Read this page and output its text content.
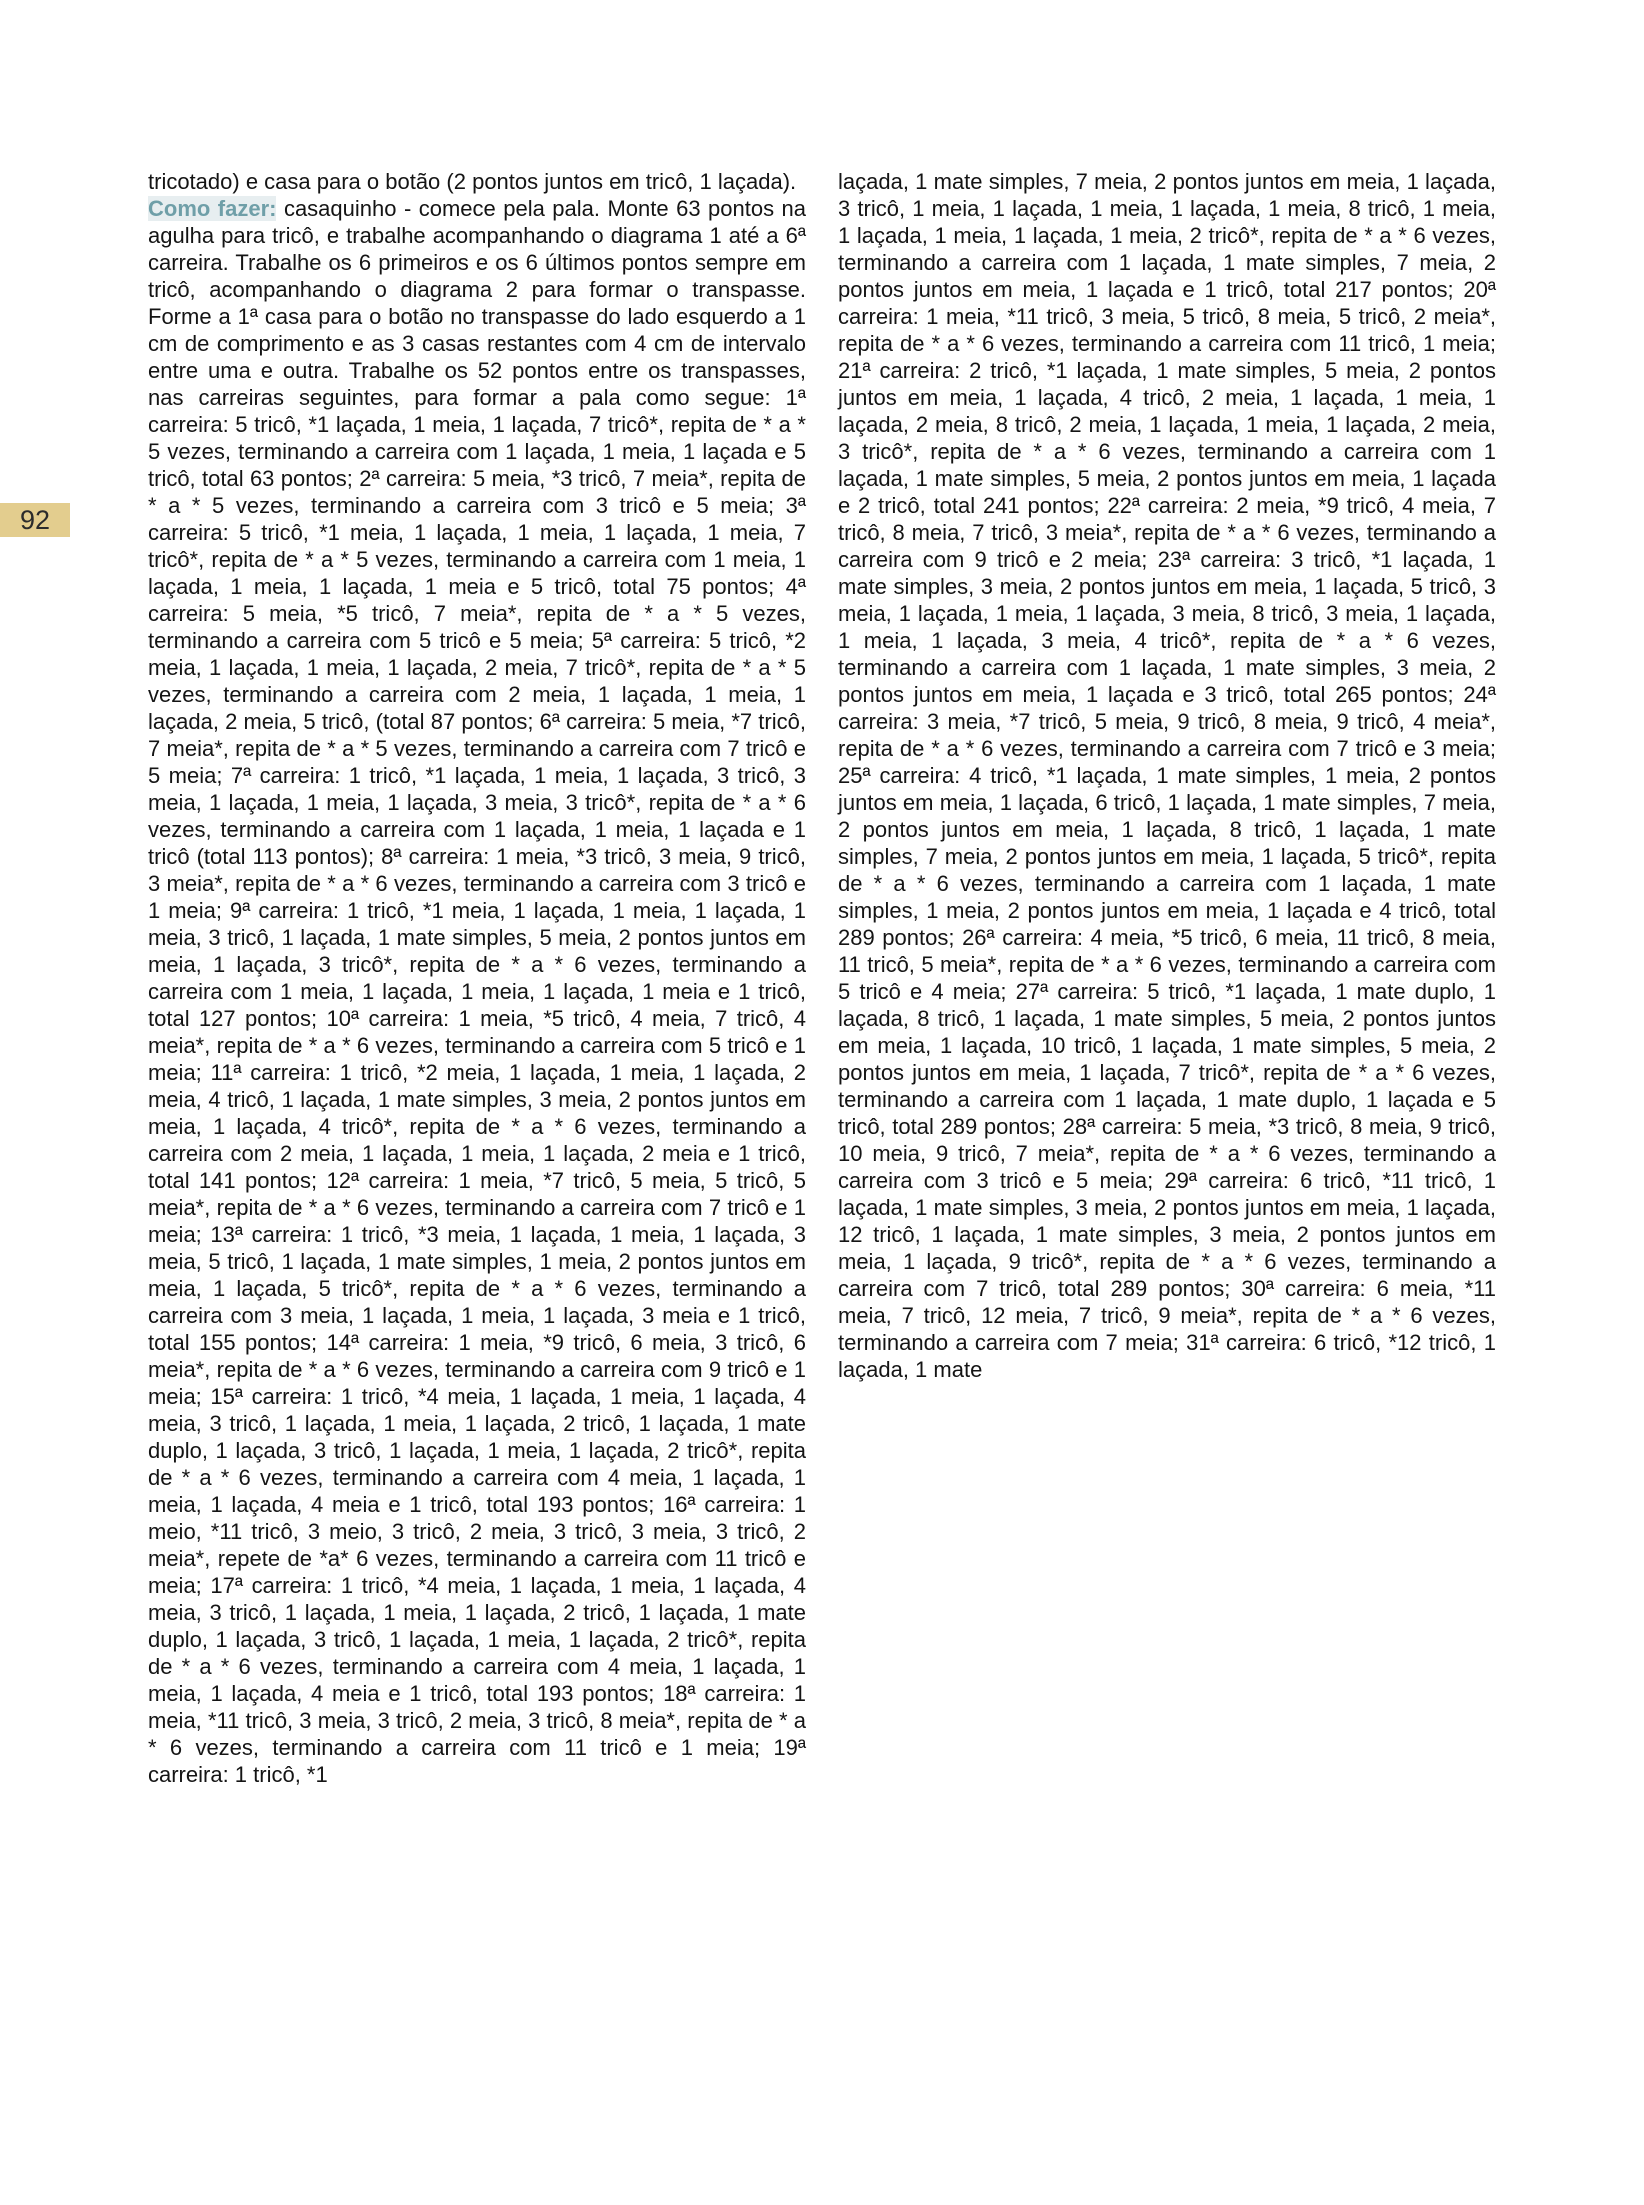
92

tricotado) e casa para o botão (2 pontos juntos em tricô, 1 laçada).

Como fazer: casaquinho - comece pela pala. Monte 63 pontos na agulha para tricô, e trabalhe acompanhando o diagrama 1 até a 6ª carreira. Trabalhe os 6 primeiros e os 6 últimos pontos sempre em tricô, acompanhando o diagrama 2 para formar o transpasse. Forme a 1ª casa para o botão no transpasse do lado esquerdo a 1 cm de comprimento e as 3 casas restantes com 4 cm de intervalo entre uma e outra. Trabalhe os 52 pontos entre os transpasses, nas carreiras seguintes, para formar a pala como segue: 1ª carreira: 5 tricô, *1 laçada, 1 meia, 1 laçada, 7 tricô*, repita de * a * 5 vezes, terminando a carreira com 1 laçada, 1 meia, 1 laçada e 5 tricô, total 63 pontos; 2ª carreira: 5 meia, *3 tricô, 7 meia*, repita de * a * 5 vezes, terminando a carreira com 3 tricô e 5 meia; 3ª carreira: 5 tricô, *1 meia, 1 laçada, 1 meia, 1 laçada, 1 meia, 7 tricô*, repita de * a * 5 vezes, terminando a carreira com 1 meia, 1 laçada, 1 meia, 1 laçada, 1 meia e 5 tricô, total 75 pontos; 4ª carreira: 5 meia, *5 tricô, 7 meia*, repita de * a * 5 vezes, terminando a carreira com 5 tricô e 5 meia; 5ª carreira: 5 tricô, *2 meia, 1 laçada, 1 meia, 1 laçada, 2 meia, 7 tricô*, repita de * a * 5 vezes, terminando a carreira com 2 meia, 1 laçada, 1 meia, 1 laçada, 2 meia, 5 tricô, (total 87 pontos; 6ª carreira: 5 meia, *7 tricô, 7 meia*, repita de * a * 5 vezes, terminando a carreira com 7 tricô e 5 meia; 7ª carreira: 1 tricô, *1 laçada, 1 meia, 1 laçada, 3 tricô, 3 meia, 1 laçada, 1 meia, 1 laçada, 3 meia, 3 tricô*, repita de * a * 6 vezes, terminando a carreira com 1 laçada, 1 meia, 1 laçada e 1 tricô (total 113 pontos); 8ª carreira: 1 meia, *3 tricô, 3 meia, 9 tricô, 3 meia*, repita de * a * 6 vezes, terminando a carreira com 3 tricô e 1 meia; 9ª carreira: 1 tricô, *1 meia, 1 laçada, 1 meia, 1 laçada, 1 meia, 3 tricô, 1 laçada, 1 mate simples, 5 meia, 2 pontos juntos em meia, 1 laçada, 3 tricô*, repita de * a * 6 vezes, terminando a carreira com 1 meia, 1 laçada, 1 meia, 1 laçada, 1 meia e 1 tricô, total 127 pontos; 10ª carreira: 1 meia, *5 tricô, 4 meia, 7 tricô, 4 meia*, repita de * a * 6 vezes, terminando a carreira com 5 tricô e 1 meia; 11ª carreira: 1 tricô, *2 meia, 1 laçada, 1 meia, 1 laçada, 2 meia, 4 tricô, 1 laçada, 1 mate simples, 3 meia, 2 pontos juntos em meia, 1 laçada, 4 tricô*, repita de * a * 6 vezes, terminando a carreira com 2 meia, 1 laçada, 1 meia, 1 laçada, 2 meia e 1 tricô, total 141 pontos; 12ª carreira: 1 meia, *7 tricô, 5 meia, 5 tricô, 5 meia*, repita de * a * 6 vezes, terminando a carreira com 7 tricô e 1 meia; 13ª carreira: 1 tricô, *3 meia, 1 laçada, 1 meia, 1 laçada, 3 meia, 5 tricô, 1 laçada, 1 mate simples, 1 meia, 2 pontos juntos em meia, 1 laçada, 5 tricô*, repita de * a * 6 vezes, terminando a carreira com 3 meia, 1 laçada, 1 meia, 1 laçada, 3 meia e 1 tricô, total 155 pontos; 14ª carreira: 1 meia, *9 tricô, 6 meia, 3 tricô, 6 meia*, repita de * a * 6 vezes, terminando a carreira com 9 tricô e 1 meia; 15ª carreira: 1 tricô, *4 meia, 1 laçada, 1 meia, 1 laçada, 4 meia, 3 tricô, 1 laçada, 1 meia, 1 laçada, 2 tricô, 1 laçada, 1 mate duplo, 1 laçada, 3 tricô, 1 laçada, 1 meia, 1 laçada, 2 tricô*, repita de * a * 6 vezes, terminando a carreira com 4 meia, 1 laçada, 1 meia, 1 laçada, 4 meia e 1 tricô, total 193 pontos; 16ª carreira: 1 meio, *11 tricô, 3 meio, 3 tricô, 2 meia, 3 tricô, 3 meia, 3 tricô, 2 meia*, repete de *a* 6 vezes, terminando a carreira com 11 tricô e meia; 17ª carreira: 1 tricô, *4 meia, 1 laçada, 1 meia, 1 laçada, 4 meia, 3 tricô, 1 laçada, 1 meia, 1 laçada, 2 tricô, 1 laçada, 1 mate duplo, 1 laçada, 3 tricô, 1 laçada, 1 meia, 1 laçada, 2 tricô*, repita de * a * 6 vezes, terminando a carreira com 4 meia, 1 laçada, 1 meia, 1 laçada, 4 meia e 1 tricô, total 193 pontos; 18ª carreira: 1 meia, *11 tricô, 3 meia, 3 tricô, 2 meia, 3 tricô, 8 meia*, repita de * a * 6 vezes, terminando a carreira com 11 tricô e 1 meia; 19ª carreira: 1 tricô, *1

laçada, 1 mate simples, 7 meia, 2 pontos juntos em meia, 1 laçada, 3 tricô, 1 meia, 1 laçada, 1 meia, 1 laçada, 1 meia, 8 tricô, 1 meia, 1 laçada, 1 meia, 1 laçada, 1 meia, 2 tricô*, repita de * a * 6 vezes, terminando a carreira com 1 laçada, 1 mate simples, 7 meia, 2 pontos juntos em meia, 1 laçada e 1 tricô, total 217 pontos; 20ª carreira: 1 meia, *11 tricô, 3 meia, 5 tricô, 8 meia, 5 tricô, 2 meia*, repita de * a * 6 vezes, terminando a carreira com 11 tricô, 1 meia; 21ª carreira: 2 tricô, *1 laçada, 1 mate simples, 5 meia, 2 pontos juntos em meia, 1 laçada, 4 tricô, 2 meia, 1 laçada, 1 meia, 1 laçada, 2 meia, 8 tricô, 2 meia, 1 laçada, 1 meia, 1 laçada, 2 meia, 3 tricô*, repita de * a * 6 vezes, terminando a carreira com 1 laçada, 1 mate simples, 5 meia, 2 pontos juntos em meia, 1 laçada e 2 tricô, total 241 pontos; 22ª carreira: 2 meia, *9 tricô, 4 meia, 7 tricô, 8 meia, 7 tricô, 3 meia*, repita de * a * 6 vezes, terminando a carreira com 9 tricô e 2 meia; 23ª carreira: 3 tricô, *1 laçada, 1 mate simples, 3 meia, 2 pontos juntos em meia, 1 laçada, 5 tricô, 3 meia, 1 laçada, 1 meia, 1 laçada, 3 meia, 8 tricô, 3 meia, 1 laçada, 1 meia, 1 laçada, 3 meia, 4 tricô*, repita de * a * 6 vezes, terminando a carreira com 1 laçada, 1 mate simples, 3 meia, 2 pontos juntos em meia, 1 laçada e 3 tricô, total 265 pontos; 24ª carreira: 3 meia, *7 tricô, 5 meia, 9 tricô, 8 meia, 9 tricô, 4 meia*, repita de * a * 6 vezes, terminando a carreira com 7 tricô e 3 meia; 25ª carreira: 4 tricô, *1 laçada, 1 mate simples, 1 meia, 2 pontos juntos em meia, 1 laçada, 6 tricô, 1 laçada, 1 mate simples, 7 meia, 2 pontos juntos em meia, 1 laçada, 8 tricô, 1 laçada, 1 mate simples, 7 meia, 2 pontos juntos em meia, 1 laçada, 5 tricô*, repita de * a * 6 vezes, terminando a carreira com 1 laçada, 1 mate simples, 1 meia, 2 pontos juntos em meia, 1 laçada e 4 tricô, total 289 pontos; 26ª carreira: 4 meia, *5 tricô, 6 meia, 11 tricô, 8 meia, 11 tricô, 5 meia*, repita de * a * 6 vezes, terminando a carreira com 5 tricô e 4 meia; 27ª carreira: 5 tricô, *1 laçada, 1 mate duplo, 1 laçada, 8 tricô, 1 laçada, 1 mate simples, 5 meia, 2 pontos juntos em meia, 1 laçada, 10 tricô, 1 laçada, 1 mate simples, 5 meia, 2 pontos juntos em meia, 1 laçada, 7 tricô*, repita de * a * 6 vezes, terminando a carreira com 1 laçada, 1 mate duplo, 1 laçada e 5 tricô, total 289 pontos; 28ª carreira: 5 meia, *3 tricô, 8 meia, 9 tricô, 10 meia, 9 tricô, 7 meia*, repita de * a * 6 vezes, terminando a carreira com 3 tricô e 5 meia; 29ª carreira: 6 tricô, *11 tricô, 1 laçada, 1 mate simples, 3 meia, 2 pontos juntos em meia, 1 laçada, 12 tricô, 1 laçada, 1 mate simples, 3 meia, 2 pontos juntos em meia, 1 laçada, 9 tricô*, repita de * a * 6 vezes, terminando a carreira com 7 tricô, total 289 pontos; 30ª carreira: 6 meia, *11 meia, 7 tricô, 12 meia, 7 tricô, 9 meia*, repita de * a * 6 vezes, terminando a carreira com 7 meia; 31ª carreira: 6 tricô, *12 tricô, 1 laçada, 1 mate
